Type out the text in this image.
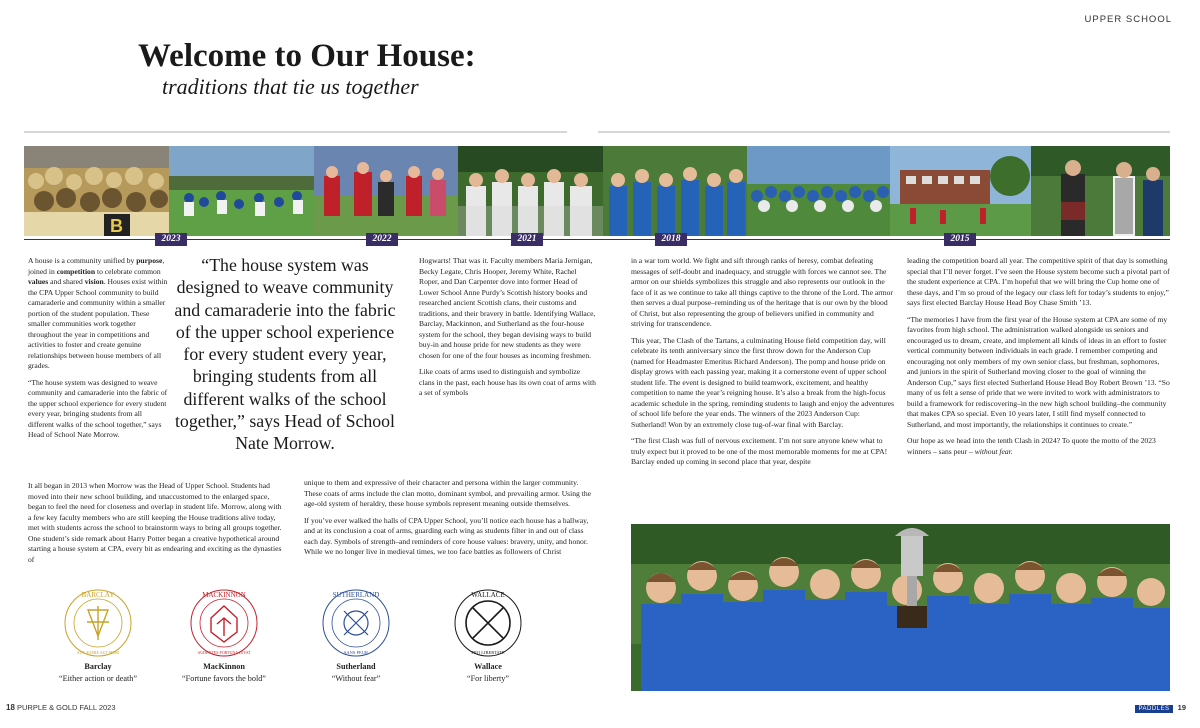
UPPER SCHOOL
Welcome to Our House:
traditions that tie us together
B
2023	2022	2021	2018	2015

A house is a community unified by purpose, joined in competition to celebrate common values and shared vision. Houses exist within the CPA Upper School community to build camaraderie and community within a smaller portion of the student population. These smaller communities work together throughout the year in competitions and activities to foster and create genuine relationships between house members of all grades.

“The house system was designed to weave community and camaraderie into the fabric of the upper school experience for every student every year, bringing students from all different walks of the school together,” says Head of School Nate Morrow.

It all began in 2013 when Morrow was the Head of Upper School. Students had moved into their new school building, and unaccustomed to the enlarged space, began to feel the need for closeness and overlap in student life. Morrow, along with a few key faculty members who are still keeping the House traditions alive today, met with students across the school to brainstorm ways to bring all groups together. One student’s side remark about Harry Potter began a creative hypothetical around starting a house system at CPA, every bit as endearing and exciting as the dynasties of

“The house system was designed to weave community and camaraderie into the fabric of the upper school experience for every student every year, bringing students from all different walks of the school together,” says Head of School Nate Morrow.

Hogwarts! That was it. Faculty members Maria Jernigan, Becky Legate, Chris Hooper, Jeremy White, Rachel Roper, and Dan Carpenter dove into former Head of Lower School Anne Purdy’s Scottish history books and researched ancient Scottish clans, their customs and traditions, and their bravery in battle. Identifying Wallace, Barclay, Mackinnon, and Sutherland as the four-house system for the school, they began devising ways to build buy-in and house pride for new students as they were chosen for one of the four houses as incoming freshmen.

Like coats of arms used to distinguish and symbolize clans in the past, each house has its own coat of arms with a set of symbols

unique to them and expressive of their character and persona within the larger community. These coats of arms include the clan motto, dominant symbol, and prevailing armor. Using the age-old system of heraldry, these house symbols represent meaning outside themselves.

If you’ve ever walked the halls of CPA Upper School, you’ll notice each house has a hallway, and at its conclusion a coat of arms, guarding each wing as students filter in and out of class each day. Symbols of strength–and reminders of core house values: bravery, unity, and honor. While we no longer live in medieval times, we too face battles as followers of Christ

BARCLAY
AUT AGERE AUT MORI
Barclay
“Either action or death”
MACKINNON
AUDENTES FORTUNA JUVAT
MacKinnon
“Fortune favors the bold”
SUTHERLAND
SANS PEUR
Sutherland
“Without fear”
WALLACE
PRO LIBERTATE
Wallace
“For liberty”

in a war torn world. We fight and sift through ranks of heresy, combat defeating messages of self-doubt and inadequacy, and struggle with forces we cannot see. The armor on our shields symbolizes this struggle and also represents our outlook in the face of it as we continue to take all things captive to the throne of the Lord. The armor then serves a dual purpose–reminding us of the heritage that is our own by the blood of Christ, but also representing the group of believers unified in community and striving for transcendence.

This year, The Clash of the Tartans, a culminating House field competition day, will celebrate its tenth anniversary since the first throw down for the Anderson Cup (named for Headmaster Emeritus Richard Anderson). The pomp and house pride on display grows with each passing year, making it a cornerstone event of upper school student life. The event is designed to build teamwork, excitement, and healthy competition to name the year’s reigning house. It’s also a break from the high-focus academic schedule in the spring, reminding students to laugh and enjoy the adventures of school life before the year ends. The winners of the 2023 Anderson Cup: Sutherland! Won by an extremely close tug-of-war final with Barclay.

“The first Clash was full of nervous excitement. I’m not sure anyone knew what to truly expect but it proved to be one of the most memorable moments for me at CPA! Barclay ended up coming in second place that year, despite

leading the competition board all year. The competitive spirit of that day is something special that I’ll never forget. I’ve seen the House system become such a pivotal part of the student experience at CPA. I’m hopeful that we will bring the Cup home one of these days, and I’m so proud of the legacy our class left for today’s students to enjoy,” says first elected Barclay House Head Boy Chase Smith ’13.

“The memories I have from the first year of the House system at CPA are some of my favorites from high school. The administration walked alongside us seniors and encouraged us to dream, create, and implement all kinds of ideas in an effort to foster vertical community between individuals in each grade. I remember competing and encouraging not only members of my own senior class, but freshman, sophomores, and juniors in the spirit of Sutherland moving closer to the goal of winning the Anderson Cup,” says first elected Sutherland House Head Boy Robert Brown ’13. “So many of us felt a sense of pride that we were invited to work with administrators to build a framework for rediscovering–in the new high school building–the community that makes CPA so special. Even 10 years later, I still find myself connected to Sutherland, and most importantly, the relationships it continues to create.”

Our hope as we head into the tenth Clash in 2024? To quote the motto of the 2023 winners – sans peur – without fear.

18 PURPLE & GOLD FALL 2023	PADDLES 19
